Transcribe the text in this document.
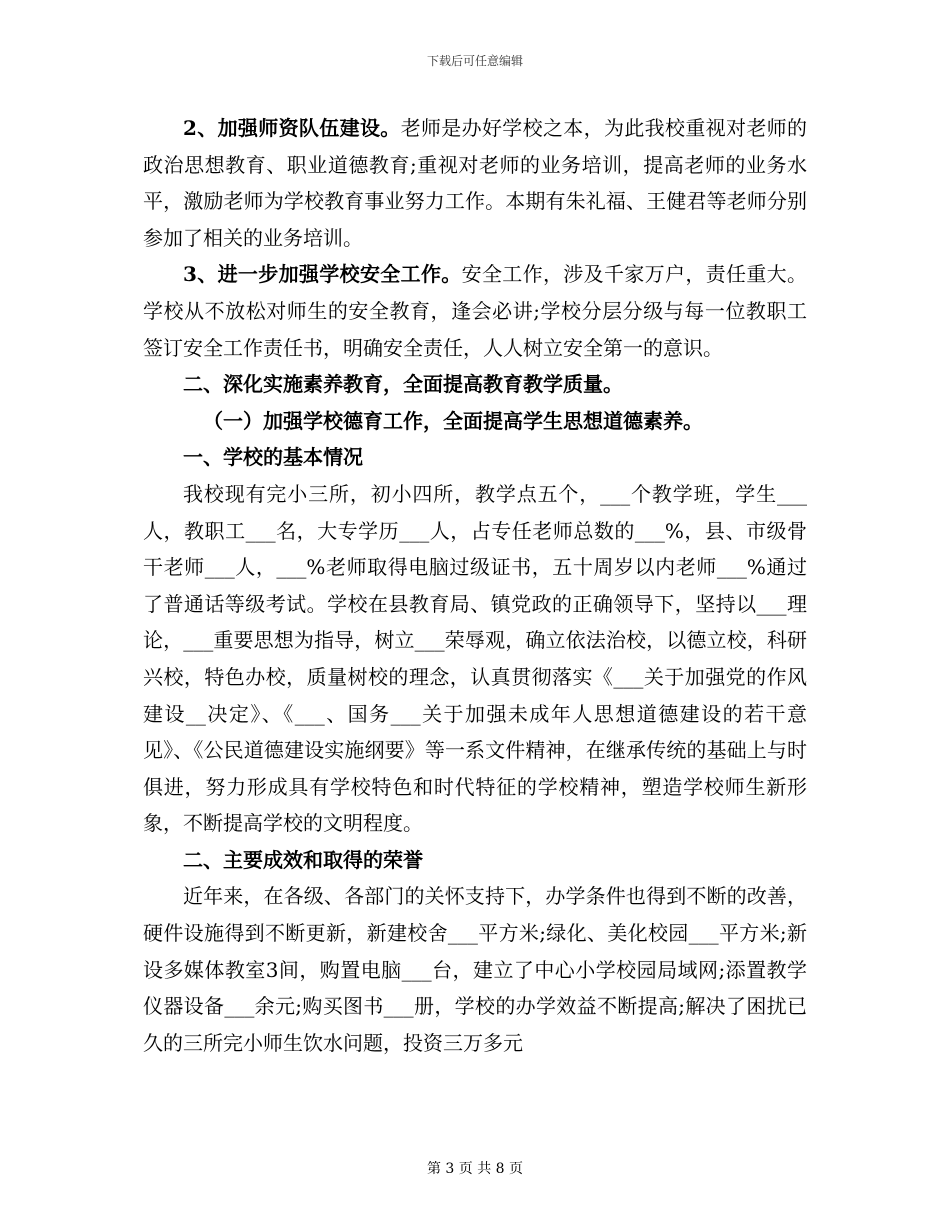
下载后可任意编辑

2、加强师资队伍建设。老师是办好学校之本，为此我校重视对老师的政治思想教育、职业道德教育;重视对老师的业务培训，提高老师的业务水平，激励老师为学校教育事业努力工作。本期有朱礼福、王健君等老师分别参加了相关的业务培训。

3、进一步加强学校安全工作。安全工作，涉及千家万户，责任重大。学校从不放松对师生的安全教育，逢会必讲;学校分层分级与每一位教职工签订安全工作责任书，明确安全责任，人人树立安全第一的意识。

二、深化实施素养教育，全面提高教育教学质量。

（一）加强学校德育工作，全面提高学生思想道德素养。

一、学校的基本情况

我校现有完小三所，初小四所，教学点五个，___个教学班，学生___人，教职工___名，大专学历___人，占专任老师总数的___%，县、市级骨干老师___人，___%老师取得电脑过级证书，五十周岁以内老师___%通过了普通话等级考试。学校在县教育局、镇党政的正确领导下，坚持以___理论，___重要思想为指导，树立___荣辱观，确立依法治校，以德立校，科研兴校，特色办校，质量树校的理念，认真贯彻落实《___关于加强党的作风建设__决定》、《___、国务___关于加强未成年人思想道德建设的若干意见》、《公民道德建设实施纲要》等一系文件精神，在继承传统的基础上与时俱进，努力形成具有学校特色和时代特征的学校精神，塑造学校师生新形象，不断提高学校的文明程度。

二、主要成效和取得的荣誉

近年来，在各级、各部门的关怀支持下，办学条件也得到不断的改善，硬件设施得到不断更新，新建校舍___平方米;绿化、美化校园___平方米;新设多媒体教室3间，购置电脑___台，建立了中心小学校园局域网;添置教学仪器设备___余元;购买图书___册，学校的办学效益不断提高;解决了困扰已久的三所完小师生饮水问题，投资三万多元

第 3 页 共 8 页
